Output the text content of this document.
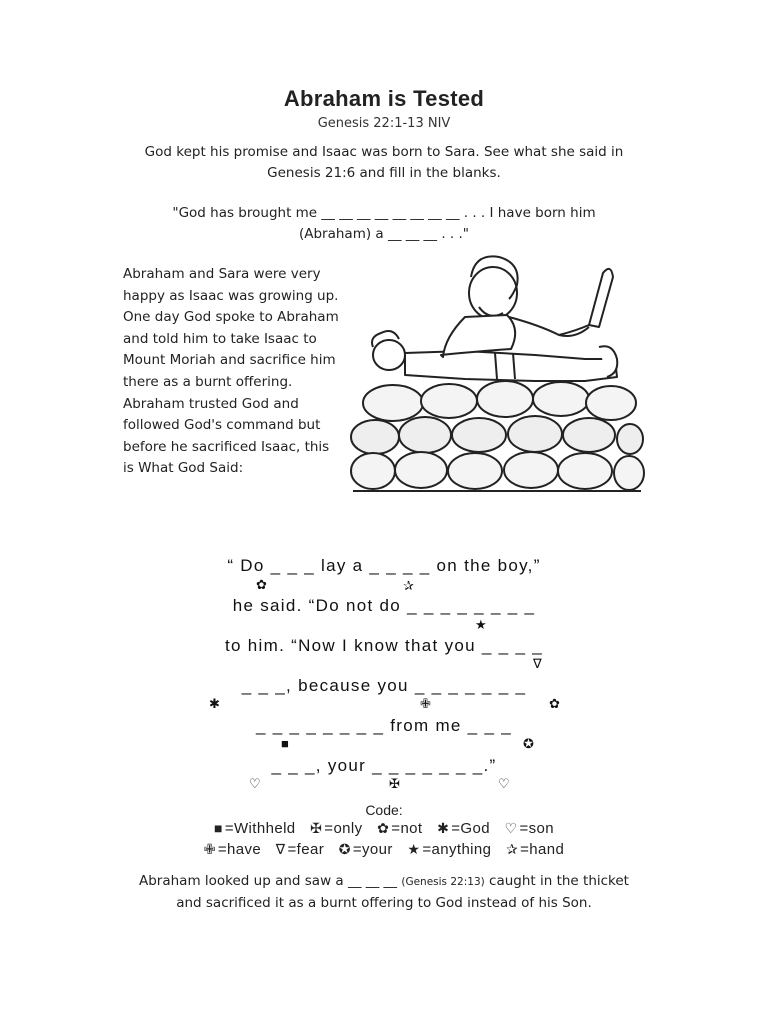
Abraham is Tested
Genesis 22:1-13 NIV
God kept his promise and Isaac was born to Sara. See what she said in
Genesis 21:6 and fill in the blanks.
"God has brought me __ __ __ __ __ __ __ __ . . . I have born him
(Abraham) a __ __ __ . . ."
Abraham and Sara were very happy as Isaac was growing up. One day God spoke to Abraham and told him to take Isaac to Mount Moriah and sacrifice him there as a burnt offering. Abraham trusted God and followed God's command but before he sacrificed Isaac, this is What God Said:
“ Do _ _ _ lay a _ _ _ _ on the boy,”
✿	✰
he said. “Do not do _ _ _ _ _ _ _ _
★
to him. “Now I know that you _ _ _ _
∇
_ _ _, because you _ _ _ _ _ _ _
✱	✙	✿
_ _ _ _ _ _ _ _ from me _ _ _
■	✪
_ _ _, your _ _ _ _ _ _ _.”
♡	✠	♡
Code:
■ =Withheld ✠ =only ✿ =not ✱ =God ♡ =son
✙ =have ∇ =fear ✪ =your ★ =anything ✰ =hand
Abraham looked up and saw a __ __ __ (Genesis 22:13) caught in the thicket
and sacrificed it as a burnt offering to God instead of his Son.
